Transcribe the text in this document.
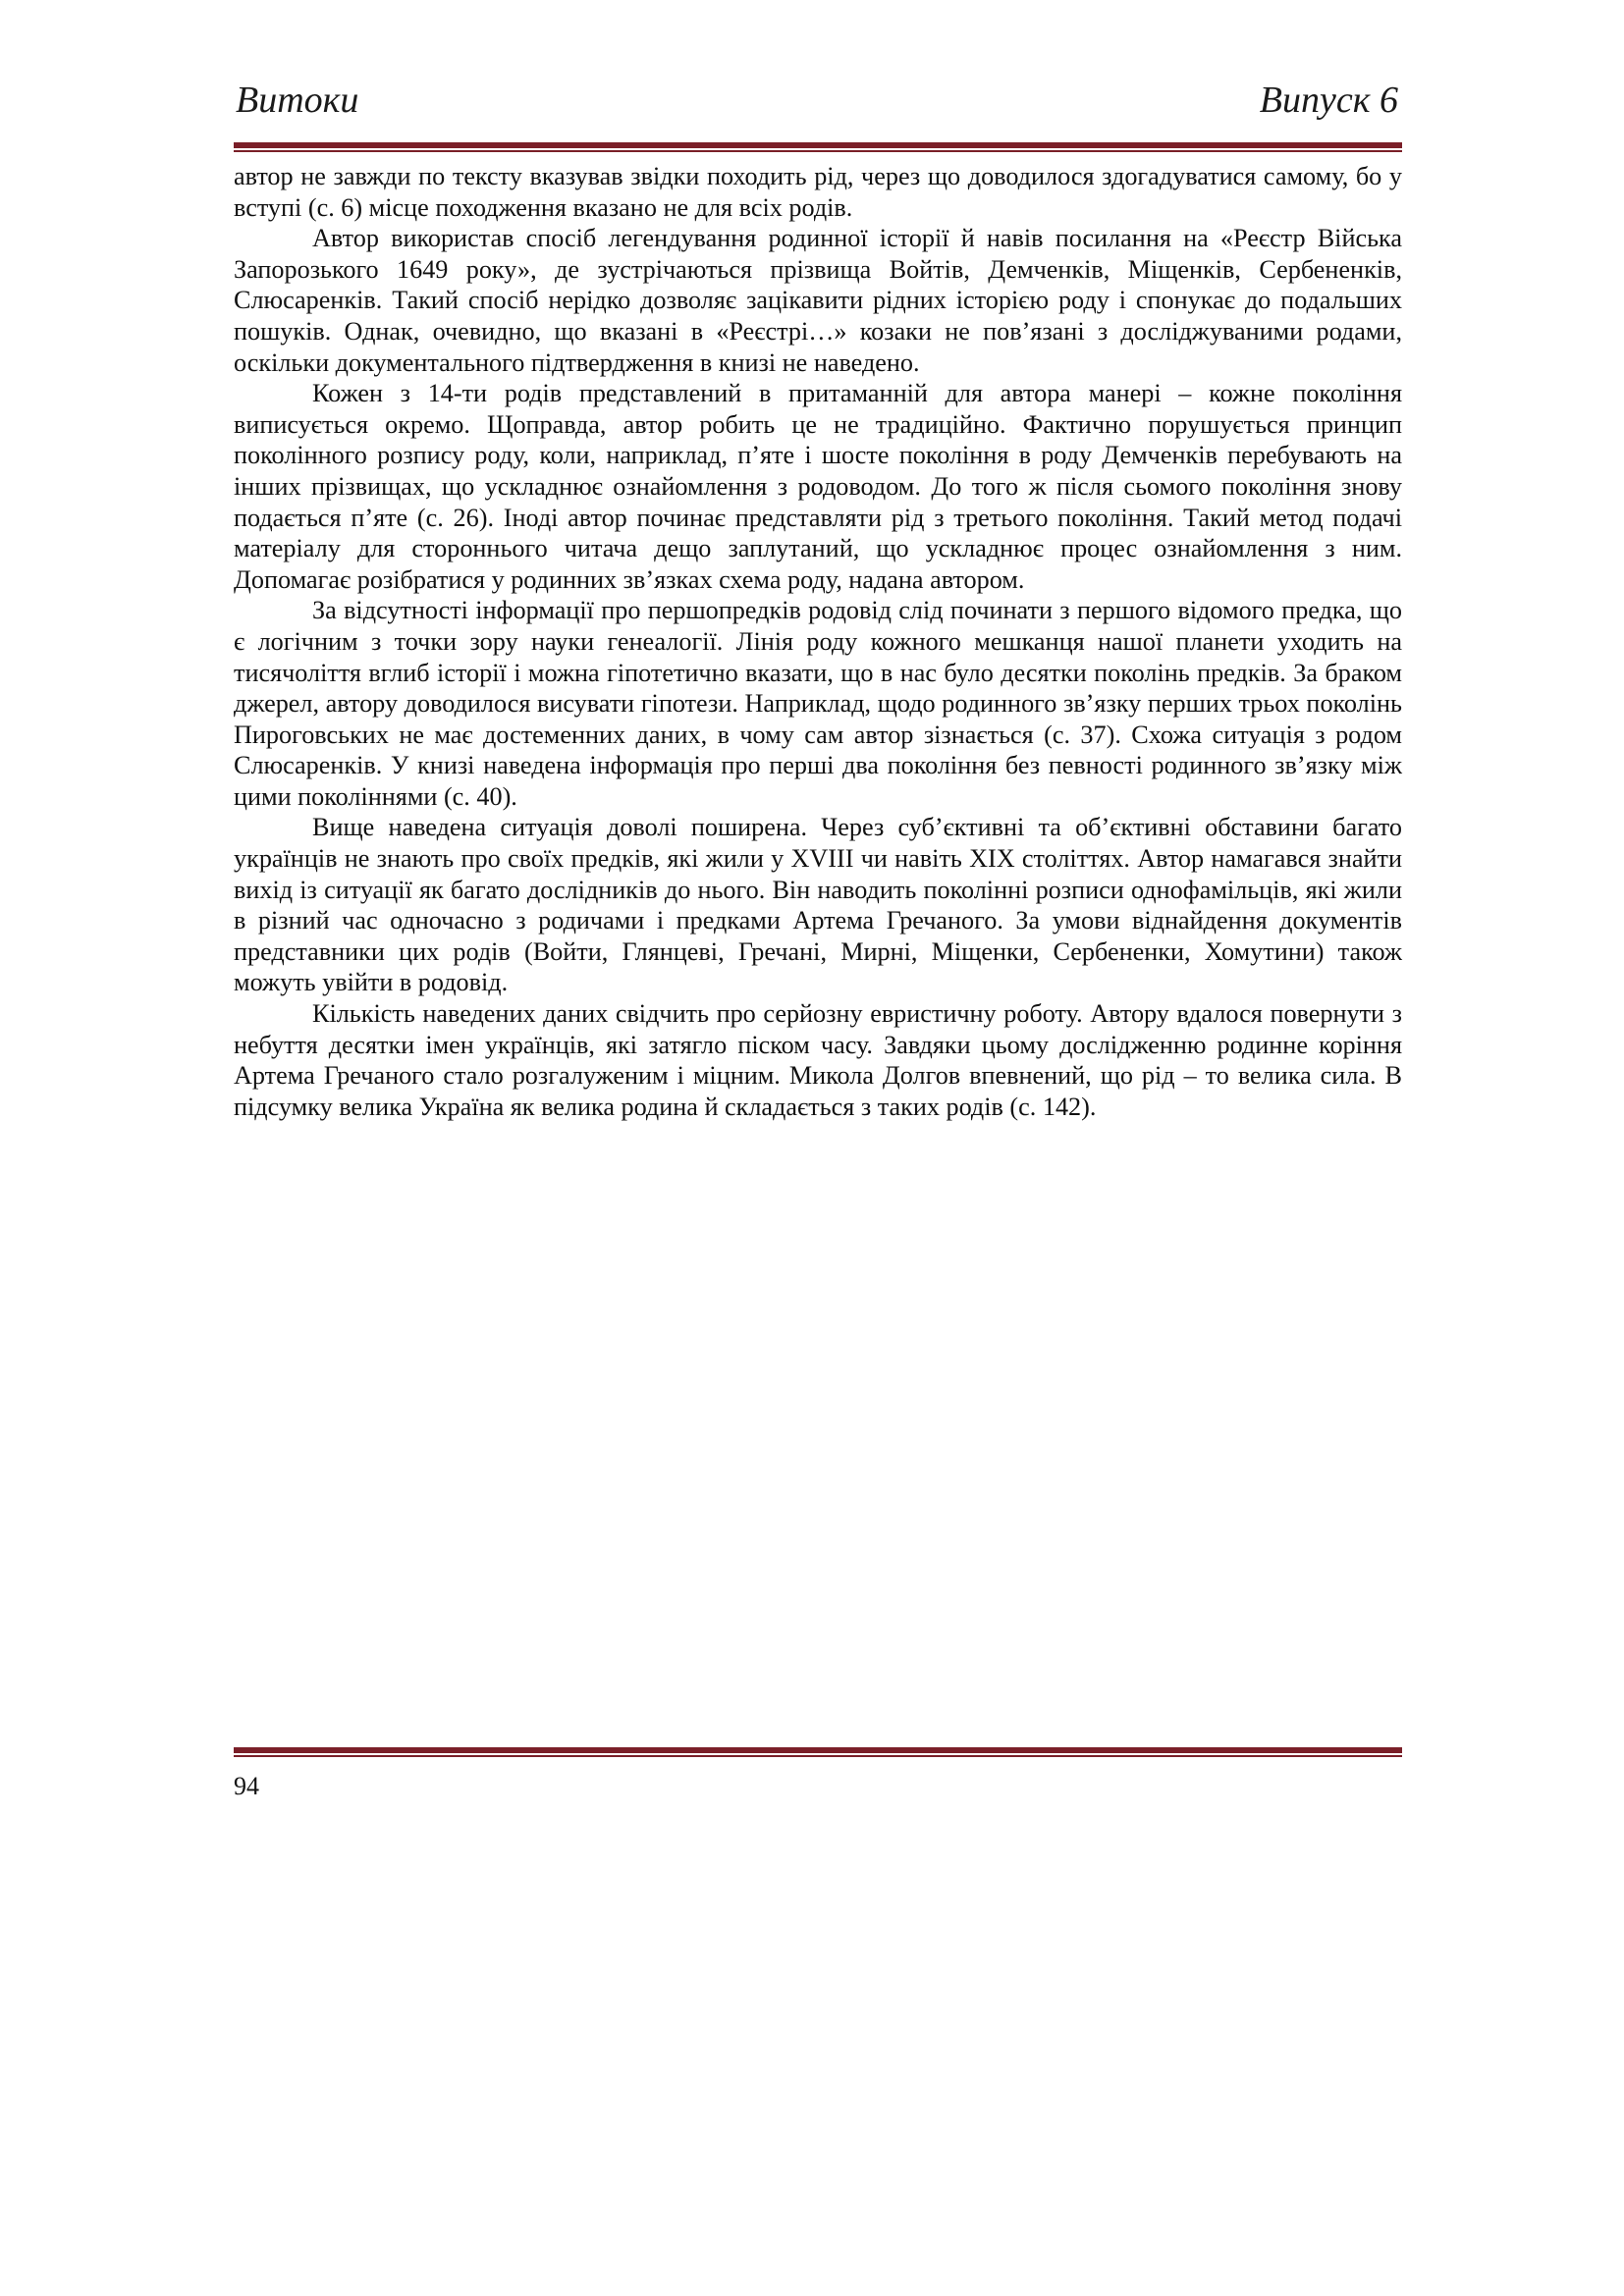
Витоки	Випуск 6

автор не завжди по тексту вказував звідки походить рід, через що доводилося здогадуватися самому, бо у вступі (с. 6) місце походження вказано не для всіх родів.

Автор використав спосіб легендування родинної історії й навів посилання на «Реєстр Війська Запорозького 1649 року», де зустрічаються прізвища Войтів, Демченків, Міщенків, Сербененків, Слюсаренків. Такий спосіб нерідко дозволяє зацікавити рідних історією роду і спонукає до подальших пошуків. Однак, очевидно, що вказані в «Реєстрі…» козаки не пов’язані з досліджуваними родами, оскільки документального підтвердження в книзі не наведено.

Кожен з 14-ти родів представлений в притаманній для автора манері – кожне покоління виписується окремо. Щоправда, автор робить це не традиційно. Фактично порушується принцип поколінного розпису роду, коли, наприклад, п’яте і шосте покоління в роду Демченків перебувають на інших прізвищах, що ускладнює ознайомлення з родоводом. До того ж після сьомого покоління знову подається п’яте (с. 26). Іноді автор починає представляти рід з третього покоління. Такий метод подачі матеріалу для стороннього читача дещо заплутаний, що ускладнює процес ознайомлення з ним. Допомагає розібратися у родинних зв’язках схема роду, надана автором.

За відсутності інформації про першопредків родовід слід починати з першого відомого предка, що є логічним з точки зору науки генеалогії. Лінія роду кожного мешканця нашої планети уходить на тисячоліття вглиб історії і можна гіпотетично вказати, що в нас було десятки поколінь предків. За браком джерел, автору доводилося висувати гіпотези. Наприклад, щодо родинного зв’язку перших трьох поколінь Пироговських не має достеменних даних, в чому сам автор зізнається (с. 37). Схожа ситуація з родом Слюсаренків. У книзі наведена інформація про перші два покоління без певності родинного зв’язку між цими поколіннями (с. 40).

Вище наведена ситуація доволі поширена. Через суб’єктивні та об’єктивні обставини багато українців не знають про своїх предків, які жили у XVIII чи навіть XIX століттях. Автор намагався знайти вихід із ситуації як багато дослідників до нього. Він наводить поколінні розписи однофамільців, які жили в різний час одночасно з родичами і предками Артема Гречаного. За умови віднайдення документів представники цих родів (Войти, Глянцеві, Гречані, Мирні, Міщенки, Сербененки, Хомутини) також можуть увійти в родовід.

Кількість наведених даних свідчить про серйозну евристичну роботу. Автору вдалося повернути з небуття десятки імен українців, які затягло піском часу. Завдяки цьому дослідженню родинне коріння Артема Гречаного стало розгалуженим і міцним. Микола Долгов впевнений, що рід – то велика сила. В підсумку велика Україна як велика родина й складається з таких родів (с. 142).

94
